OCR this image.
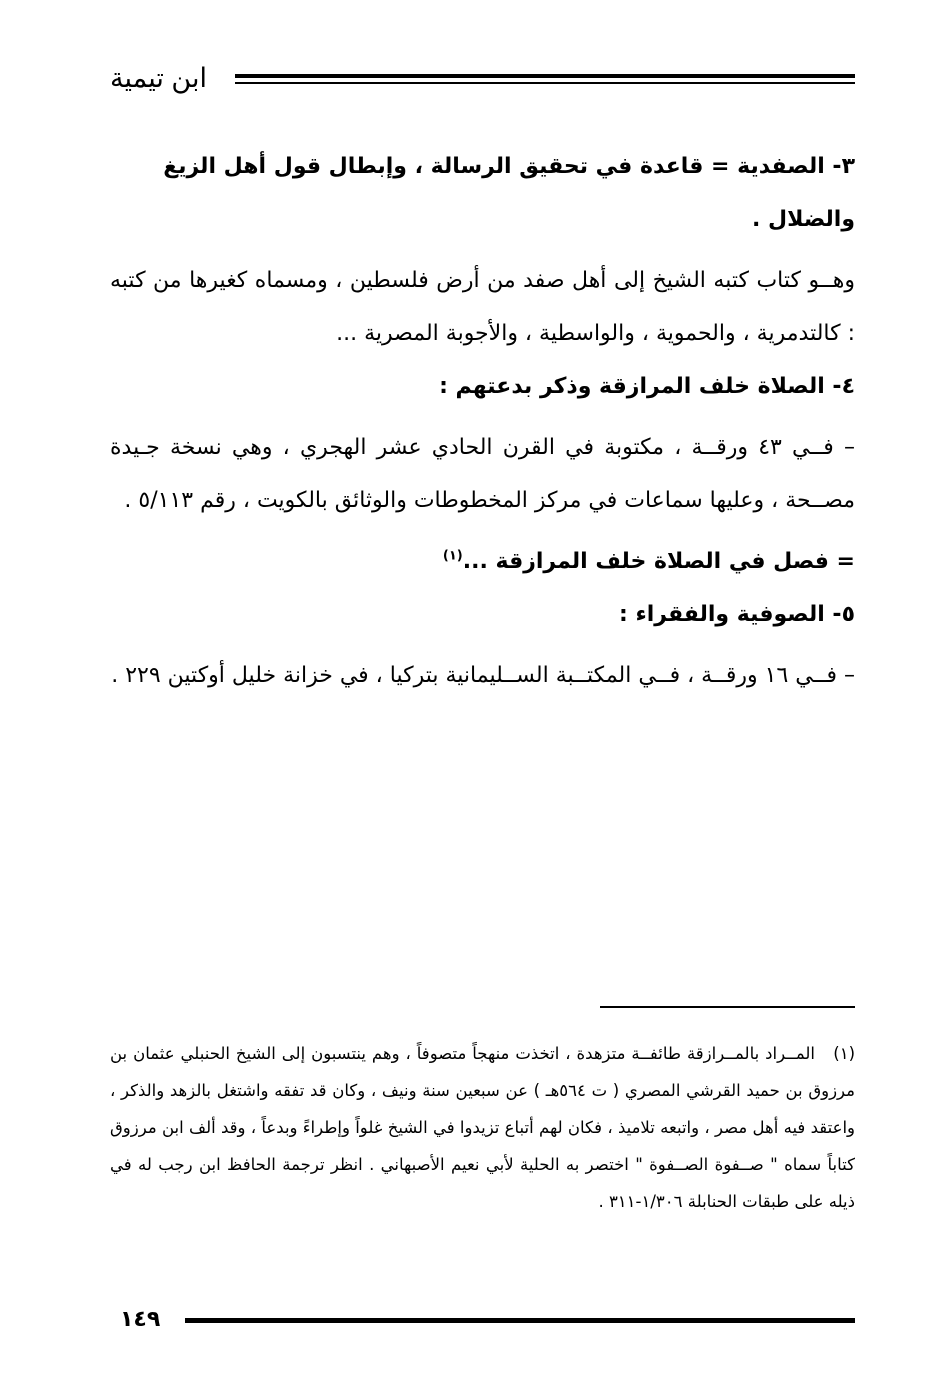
ابن تيمية

٣- الصفدية = قاعدة في تحقيق الرسالة ، وإبطال قول أهل الزيغ والضلال .

وهــو كتاب كتبه الشيخ إلى أهل صفد من أرض فلسطين ، ومسماه كغيرها من كتبه : كالتدمرية ، والحموية ، والواسطية ، والأجوبة المصرية ...

٤- الصلاة خلف المرازقة وذكر بدعتهم :

– فــي ٤٣ ورقــة ، مكتوبة في القرن الحادي عشر الهجري ، وهي نسخة جـيدة مصــحة ، وعليها سماعات في مركز المخطوطات والوثائق بالكويت ، رقم ٥/١١٣ .

= فصل في الصلاة خلف المرازقة ...$^{(١)}$

٥- الصوفية والفقراء :

– فــي ١٦ ورقــة ، فــي المكتــبة الســليمانية بتركيا ، في خزانة خليل أوكتين ٢٢٩ .

(١)المــراد بالمــرازقة طائفــة متزهدة ، اتخذت منهجاً متصوفاً ، وهم ينتسبون إلى الشيخ الحنبلي عثمان بن مرزوق بن حميد القرشي المصري ( ت ٥٦٤هـ ) عن سبعين سنة ونيف ، وكان قد تفقه واشتغل بالزهد والذكر ، واعتقد فيه أهل مصر ، واتبعه تلاميذ ، فكان لهم أتباع تزيدوا في الشيخ غلواً وإطراءً وبدعاً ، وقد ألف ابن مرزوق كتاباً سماه " صــفوة الصــفوة " اختصر به الحلية لأبي نعيم الأصبهاني . انظر ترجمة الحافظ ابن رجب له في ذيله على طبقات الحنابلة ١/٣٠٦-٣١١ .
١٤٩
